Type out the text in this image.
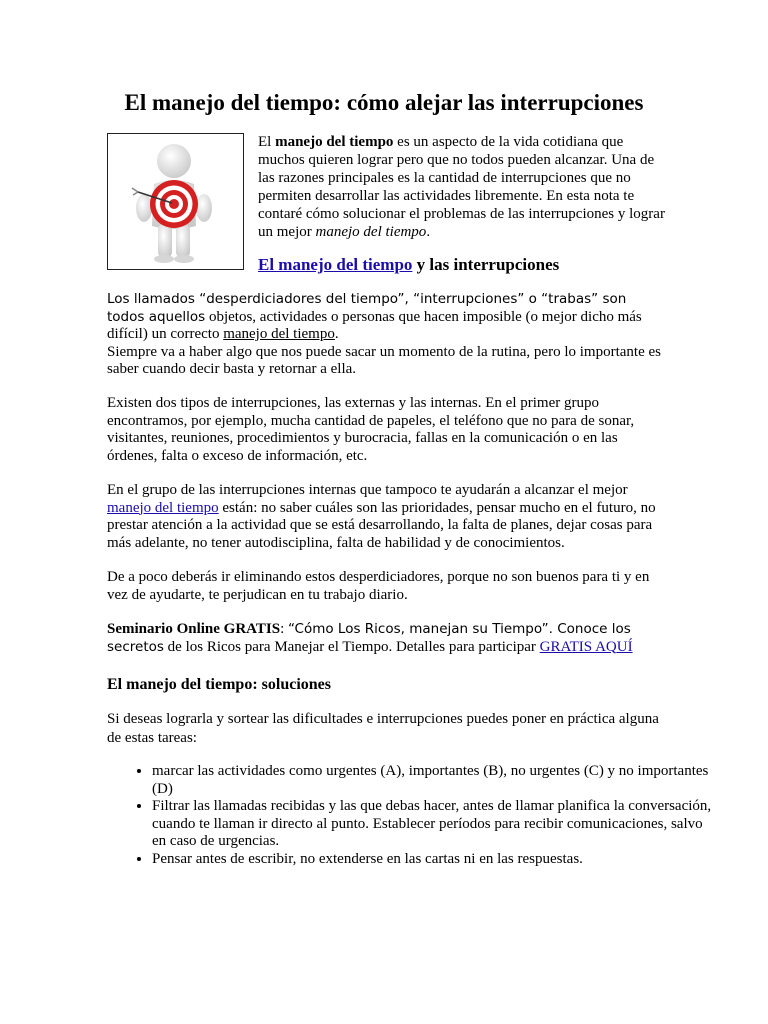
El manejo del tiempo: cómo alejar las interrupciones

El manejo del tiempo es un aspecto de la vida cotidiana que muchos quieren lograr pero que no todos pueden alcanzar. Una de las razones principales es la cantidad de interrupciones que no permiten desarrollar las actividades libremente. En esta nota te contaré cómo solucionar el problemas de las interrupciones y lograr un mejor manejo del tiempo.

El manejo del tiempo y las interrupciones

Los llamados “desperdiciadores del tiempo”, “interrupciones” o “trabas” son todos aquellos objetos, actividades o personas que hacen imposible (o mejor dicho más difícil) un correcto manejo del tiempo.
Siempre va a haber algo que nos puede sacar un momento de la rutina, pero lo importante es saber cuando decir basta y retornar a ella.

Existen dos tipos de interrupciones, las externas y las internas. En el primer grupo encontramos, por ejemplo, mucha cantidad de papeles, el teléfono que no para de sonar, visitantes, reuniones, procedimientos y burocracia, fallas en la comunicación o en las órdenes, falta o exceso de información, etc.

En el grupo de las interrupciones internas que tampoco te ayudarán a alcanzar el mejor manejo del tiempo están: no saber cuáles son las prioridades, pensar mucho en el futuro, no prestar atención a la actividad que se está desarrollando, la falta de planes, dejar cosas para más adelante, no tener autodisciplina, falta de habilidad y de conocimientos.

De a poco deberás ir eliminando estos desperdiciadores, porque no son buenos para ti y en vez de ayudarte, te perjudican en tu trabajo diario.

Seminario Online GRATIS: “Cómo Los Ricos, manejan su Tiempo”. Conoce los secretos de los Ricos para Manejar el Tiempo. Detalles para participar GRATIS AQUÍ

El manejo del tiempo: soluciones

Si deseas lograrla y sortear las dificultades e interrupciones puedes poner en práctica alguna de estas tareas:

• marcar las actividades como urgentes (A), importantes (B), no urgentes (C) y no importantes (D)
• Filtrar las llamadas recibidas y las que debas hacer, antes de llamar planifica la conversación, cuando te llaman ir directo al punto. Establecer períodos para recibir comunicaciones, salvo en caso de urgencias.
• Pensar antes de escribir, no extenderse en las cartas ni en las respuestas.
